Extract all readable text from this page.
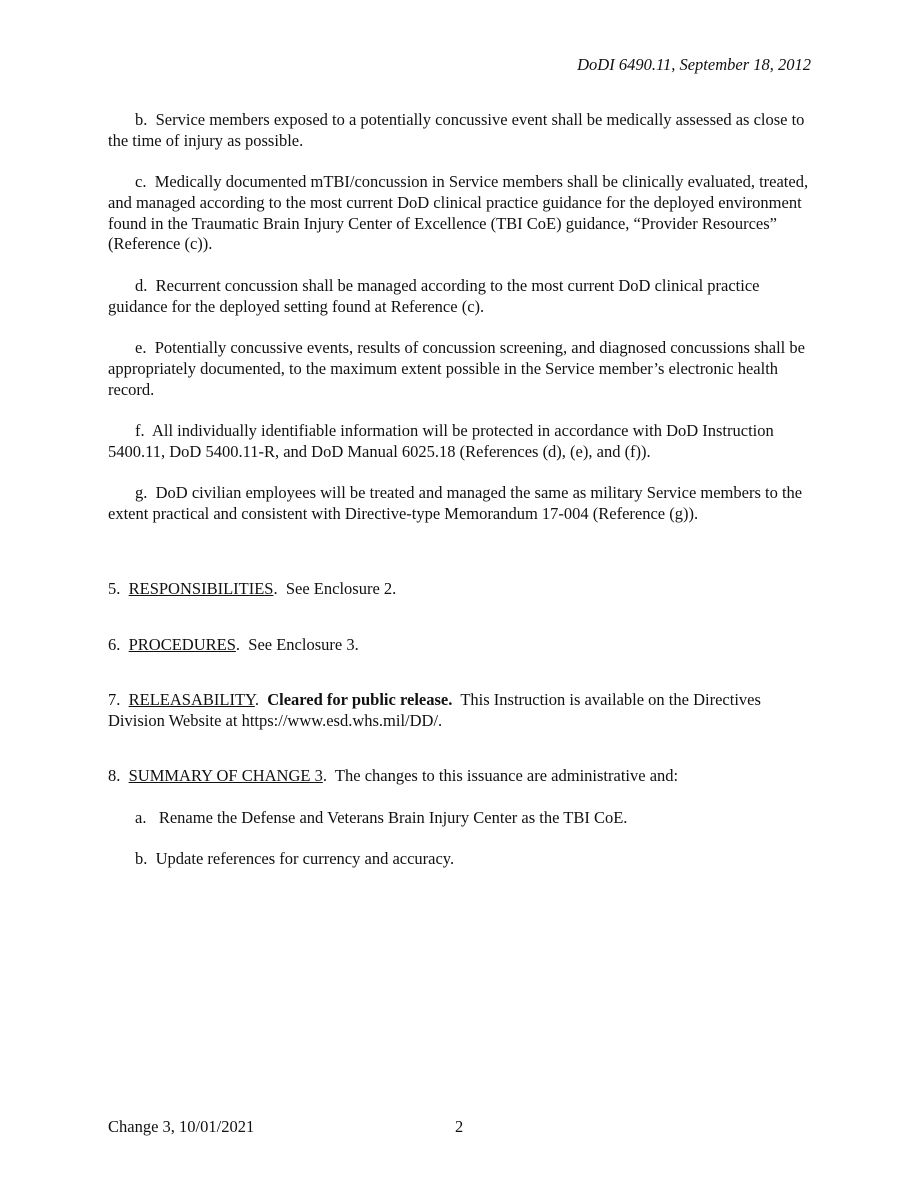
DoDI 6490.11, September 18, 2012

b. Service members exposed to a potentially concussive event shall be medically assessed as close to the time of injury as possible.

c. Medically documented mTBI/concussion in Service members shall be clinically evaluated, treated, and managed according to the most current DoD clinical practice guidance for the deployed environment found in the Traumatic Brain Injury Center of Excellence (TBI CoE) guidance, “Provider Resources” (Reference (c)).

d. Recurrent concussion shall be managed according to the most current DoD clinical practice guidance for the deployed setting found at Reference (c).

e. Potentially concussive events, results of concussion screening, and diagnosed concussions shall be appropriately documented, to the maximum extent possible in the Service member’s electronic health record.

f. All individually identifiable information will be protected in accordance with DoD Instruction 5400.11, DoD 5400.11-R, and DoD Manual 6025.18 (References (d), (e), and (f)).

g. DoD civilian employees will be treated and managed the same as military Service members to the extent practical and consistent with Directive-type Memorandum 17-004 (Reference (g)).

5. RESPONSIBILITIES.  See Enclosure 2.

6. PROCEDURES.  See Enclosure 3.

7. RELEASABILITY.  Cleared for public release. This Instruction is available on the Directives Division Website at https://www.esd.whs.mil/DD/.

8. SUMMARY OF CHANGE 3.  The changes to this issuance are administrative and:

a. Rename the Defense and Veterans Brain Injury Center as the TBI CoE.

b. Update references for currency and accuracy.

Change 3, 10/01/2021	2
